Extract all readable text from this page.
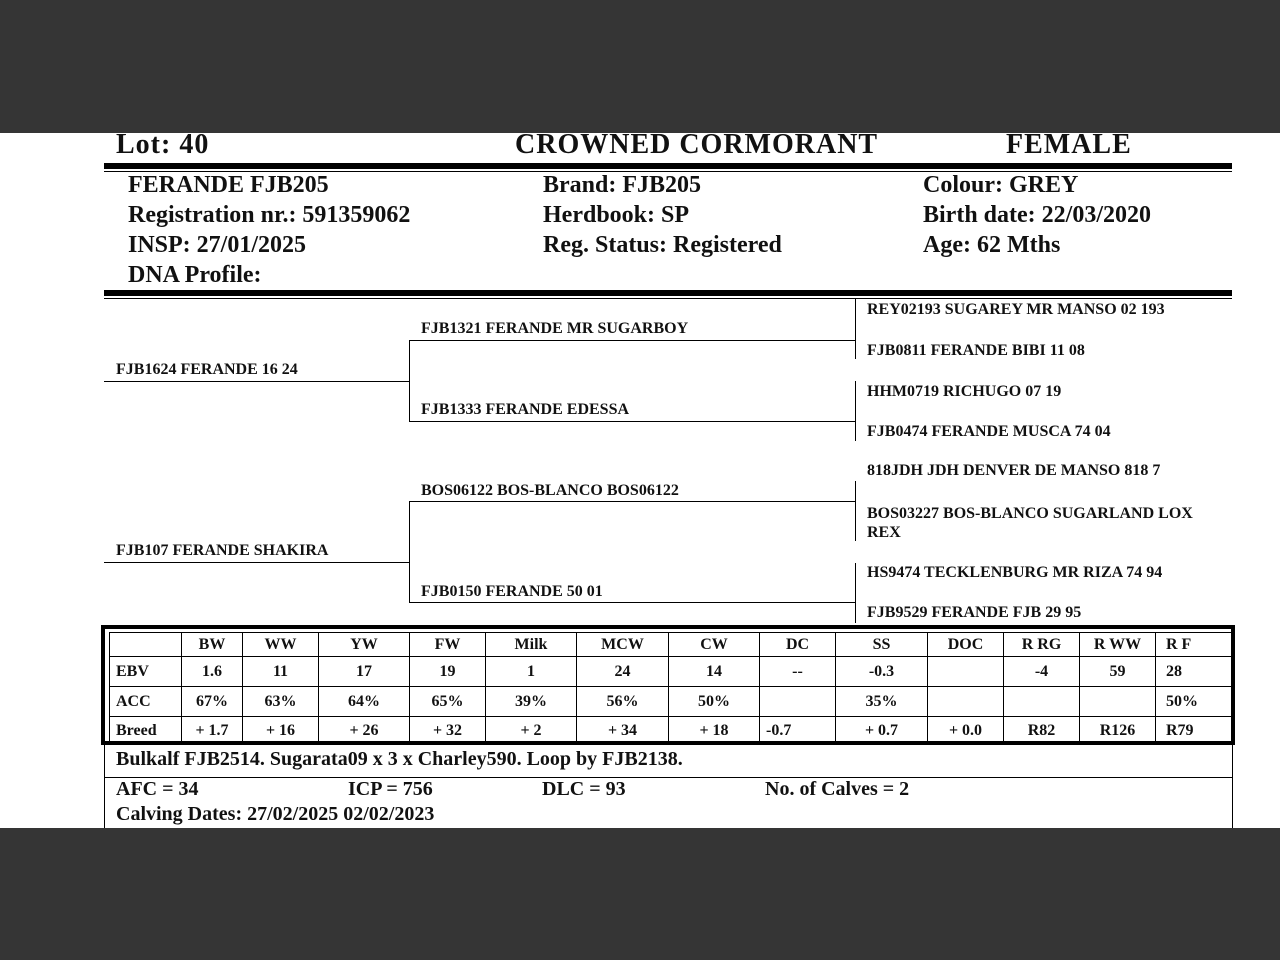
Lot: 40	CROWNED CORMORANT	FEMALE
FERANDE FJB205
Registration nr.: 591359062
INSP: 27/01/2025
DNA Profile:
Brand: FJB205
Herdbook: SP
Reg. Status: Registered
Colour: GREY
Birth date: 22/03/2020
Age: 62 Mths
FJB1624 FERANDE 16 24
FJB107 FERANDE SHAKIRA
FJB1321 FERANDE MR SUGARBOY
FJB1333 FERANDE EDESSA
BOS06122 BOS-BLANCO BOS06122
FJB0150 FERANDE 50 01
REY02193 SUGAREY MR MANSO 02 193
FJB0811 FERANDE BIBI 11 08
HHM0719 RICHUGO 07 19
FJB0474 FERANDE MUSCA 74 04
818JDH JDH DENVER DE MANSO 818 7
BOS03227 BOS-BLANCO SUGARLAND LOX REX
HS9474 TECKLENBURG MR RIZA 74 94
FJB9529 FERANDE FJB 29 95
	BW	WW	YW	FW	Milk	MCW	CW	DC	SS	DOC	R RG	R WW	R F
EBV	1.6	11	17	19	1	24	14	--	-0.3		-4	59	28
ACC	67%	63%	64%	65%	39%	56%	50%		35%				50%
Breed	+ 1.7	+ 16	+ 26	+ 32	+ 2	+ 34	+ 18	-0.7	+ 0.7	+ 0.0	R82	R126	R79
Bulkalf FJB2514. Sugarata09 x 3 x Charley590. Loop by FJB2138.
AFC = 34	ICP = 756	DLC = 93	No. of Calves = 2
Calving Dates: 27/02/2025 02/02/2023
